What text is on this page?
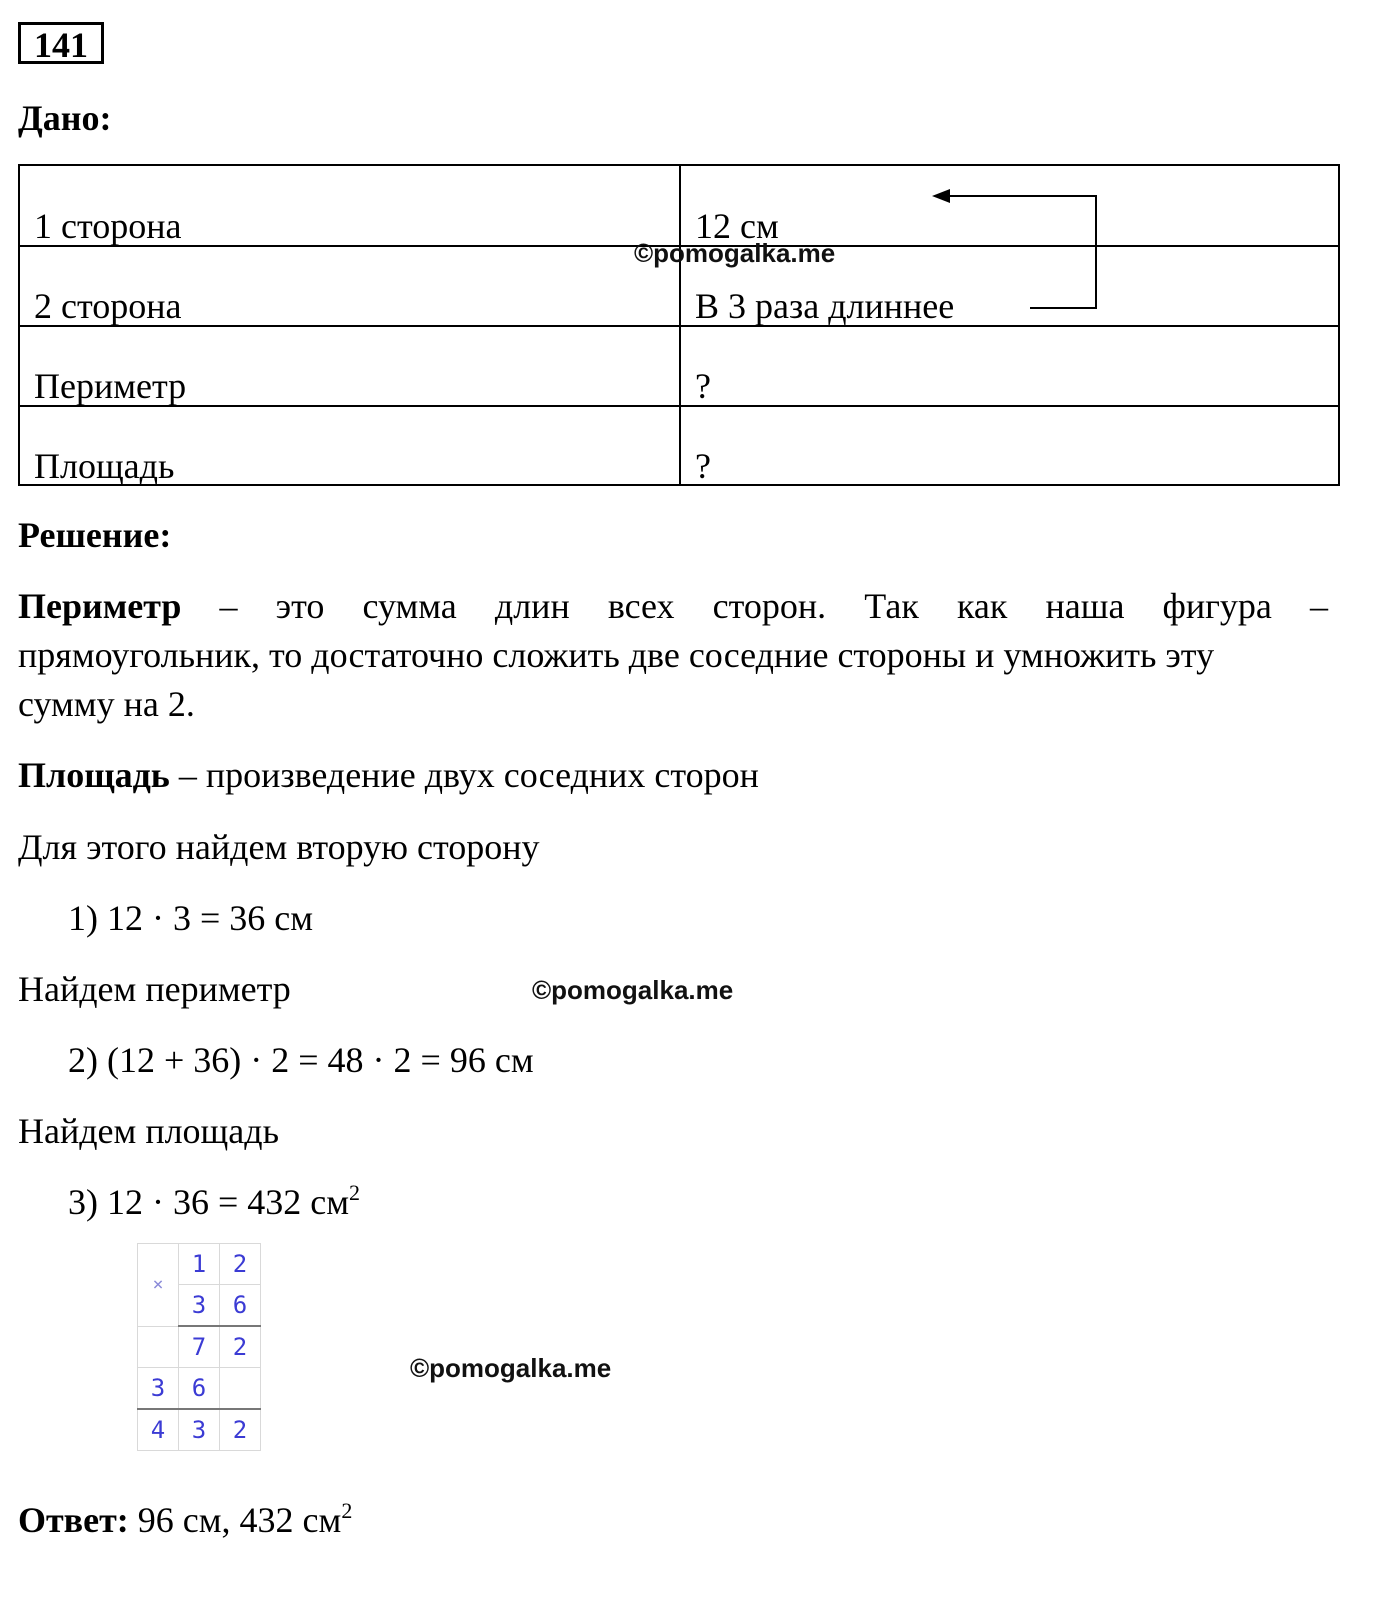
141
Дано:
1 сторона	12 см
2 сторона	В 3 раза длиннее
Периметр	?
Площадь	?
©pomogalka.me
Решение:
Периметр – это сумма длин всех сторон. Так как наша фигура –
прямоугольник, то достаточно сложить две соседние стороны и умножить эту
сумму на 2.
Площадь – произведение двух соседних сторон
Для этого найдем вторую сторону
1) 12 · 3 = 36 см
Найдем периметр	©pomogalka.me
2) (12 + 36) · 2 = 48 · 2 = 96 см
Найдем площадь
3) 12 · 36 = 432 $см^2$
×	1	2
	3	6
	7	2
3	6	
4	3	2
©pomogalka.me
Ответ: 96 см, 432 $см^2$
